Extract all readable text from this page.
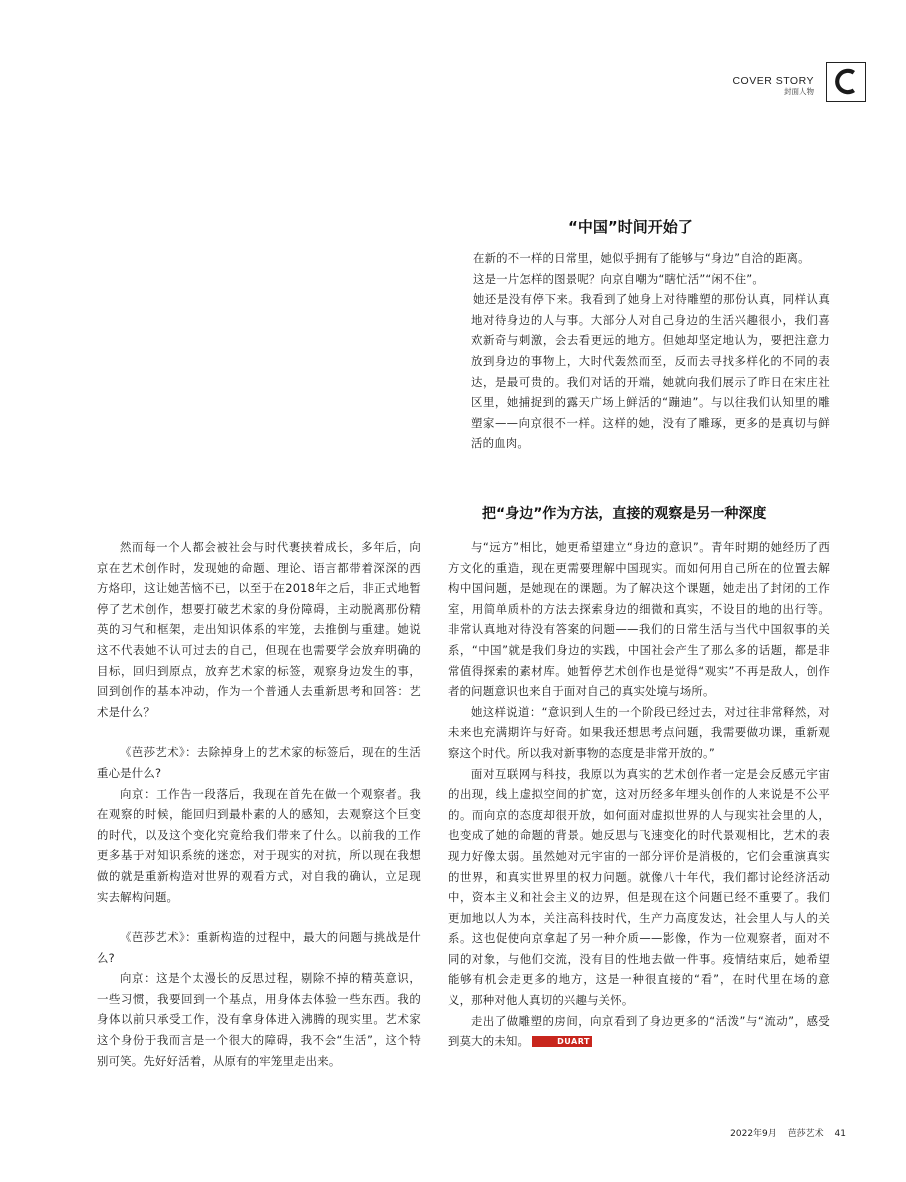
COVER STORY
封面人物
“中国”时间开始了

在新的不一样的日常里，她似乎拥有了能够与“身边”自洽的距离。

这是一片怎样的图景呢？向京自嘲为“瞎忙活”“闲不住”。

她还是没有停下来。我看到了她身上对待雕塑的那份认真，同样认真地对待身边的人与事。大部分人对自己身边的生活兴趣很小，我们喜欢新奇与刺激，会去看更远的地方。但她却坚定地认为，要把注意力放到身边的事物上，大时代轰然而至，反而去寻找多样化的不同的表达，是最可贵的。我们对话的开端，她就向我们展示了昨日在宋庄社区里，她捕捉到的露天广场上鲜活的“蹦迪”。与以往我们认知里的雕塑家——向京很不一样。这样的她，没有了雕琢，更多的是真切与鲜活的血肉。

把“身边”作为方法，直接的观察是另一种深度

与“远方”相比，她更希望建立“身边的意识”。青年时期的她经历了西方文化的重造，现在更需要理解中国现实。而如何用自己所在的位置去解构中国问题，是她现在的课题。为了解决这个课题，她走出了封闭的工作室，用简单质朴的方法去探索身边的细微和真实，不设目的地的出行等。非常认真地对待没有答案的问题——我们的日常生活与当代中国叙事的关系，“中国”就是我们身边的实践，中国社会产生了那么多的话题，都是非常值得探索的素材库。她暂停艺术创作也是觉得“观实”不再是敌人，创作者的问题意识也来自于面对自己的真实处境与场所。

她这样说道：“意识到人生的一个阶段已经过去，对过往非常释然，对未来也充满期许与好奇。如果我还想思考点问题，我需要做功课，重新观察这个时代。所以我对新事物的态度是非常开放的。”

面对互联网与科技，我原以为真实的艺术创作者一定是会反感元宇宙的出现，线上虚拟空间的扩宽，这对历经多年埋头创作的人来说是不公平的。而向京的态度却很开放，如何面对虚拟世界的人与现实社会里的人，也变成了她的命题的背景。她反思与飞速变化的时代景观相比，艺术的表现力好像太弱。虽然她对元宇宙的一部分评价是消极的，它们会重演真实的世界，和真实世界里的权力问题。就像八十年代，我们都讨论经济活动中，资本主义和社会主义的边界，但是现在这个问题已经不重要了。我们更加地以人为本，关注高科技时代，生产力高度发达，社会里人与人的关系。这也促使向京拿起了另一种介质——影像，作为一位观察者，面对不同的对象，与他们交流，没有目的性地去做一件事。疫情结束后，她希望能够有机会走更多的地方，这是一种很直接的“看”，在时代里在场的意义，那种对他人真切的兴趣与关怀。

走出了做雕塑的房间，向京看到了身边更多的“活泼”与“流动”，感受到莫大的未知。	DUART

然而每一个人都会被社会与时代裹挟着成长，多年后，向京在艺术创作时，发现她的命题、理论、语言都带着深深的西方烙印，这让她苦恼不已，以至于在2018年之后，非正式地暂停了艺术创作，想要打破艺术家的身份障碍，主动脱离那份精英的习气和框架，走出知识体系的牢笼，去推倒与重建。她说这不代表她不认可过去的自己，但现在也需要学会放弃明确的目标，回归到原点，放弃艺术家的标签，观察身边发生的事，回到创作的基本冲动，作为一个普通人去重新思考和回答：艺术是什么？

《芭莎艺术》：去除掉身上的艺术家的标签后，现在的生活重心是什么?

向京：工作告一段落后，我现在首先在做一个观察者。我在观察的时候，能回归到最朴素的人的感知，去观察这个巨变的时代，以及这个变化究竟给我们带来了什么。以前我的工作更多基于对知识系统的迷恋，对于现实的对抗，所以现在我想做的就是重新构造对世界的观看方式，对自我的确认，立足现实去解构问题。

《芭莎艺术》：重新构造的过程中，最大的问题与挑战是什么?

向京：这是个太漫长的反思过程，剔除不掉的精英意识，一些习惯，我要回到一个基点，用身体去体验一些东西。我的身体以前只承受工作，没有拿身体进入沸腾的现实里。艺术家这个身份于我而言是一个很大的障碍，我不会“生活”，这个特别可笑。先好好活着，从原有的牢笼里走出来。

2022年9月 芭莎艺术 41
